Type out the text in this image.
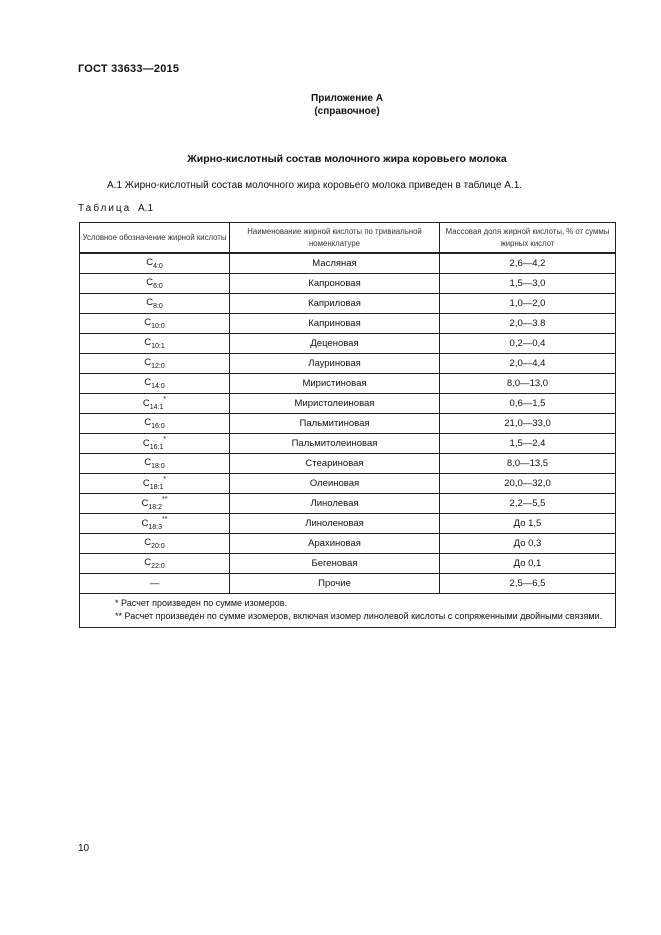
ГОСТ 33633—2015
Приложение А
(справочное)
Жирно-кислотный состав молочного жира коровьего молока
А.1 Жирно-кислотный состав молочного жира коровьего молока приведен в таблице А.1.
Таблица А.1
Условное обозначение жирной кислоты	Наименование жирной кислоты по тривиальной номенклатуре	Массовая доля жирной кислоты, % от суммы жирных кислот
$C_{4:0}$	Масляная	2,6—4,2
$C_{6:0}$	Капроновая	1,5—3,0
$C_{8:0}$	Каприловая	1,0—2,0
$C_{10:0}$	Каприновая	2,0—3.8
$C_{10:1}$	Деценовая	0,2—0,4
$C_{12:0}$	Лауриновая	2,0—4,4
$C_{14:0}$	Миристиновая	8,0—13,0
$C_{14:1}^*$	Миристолеиновая	0,6—1,5
$C_{16:0}$	Пальмитиновая	21,0—33,0
$C_{16:1}^*$	Пальмитолеиновая	1,5—2,4
$C_{18:0}$	Стеариновая	8,0—13,5
$C_{18:1}^*$	Олеиновая	20,0—32,0
$C_{18:2}^{**}$	Линолевая	2,2—5,5
$C_{18:3}^{**}$	Линоленовая	До 1,5
$C_{20:0}$	Арахиновая	До 0,3
$C_{22:0}$	Бегеновая	До 0,1
—	Прочие	2,5—6,5

* Расчет произведен по сумме изомеров.
** Расчет произведен по сумме изомеров, включая изомер линолевой кислоты с сопряженными двойными связями.		
10
